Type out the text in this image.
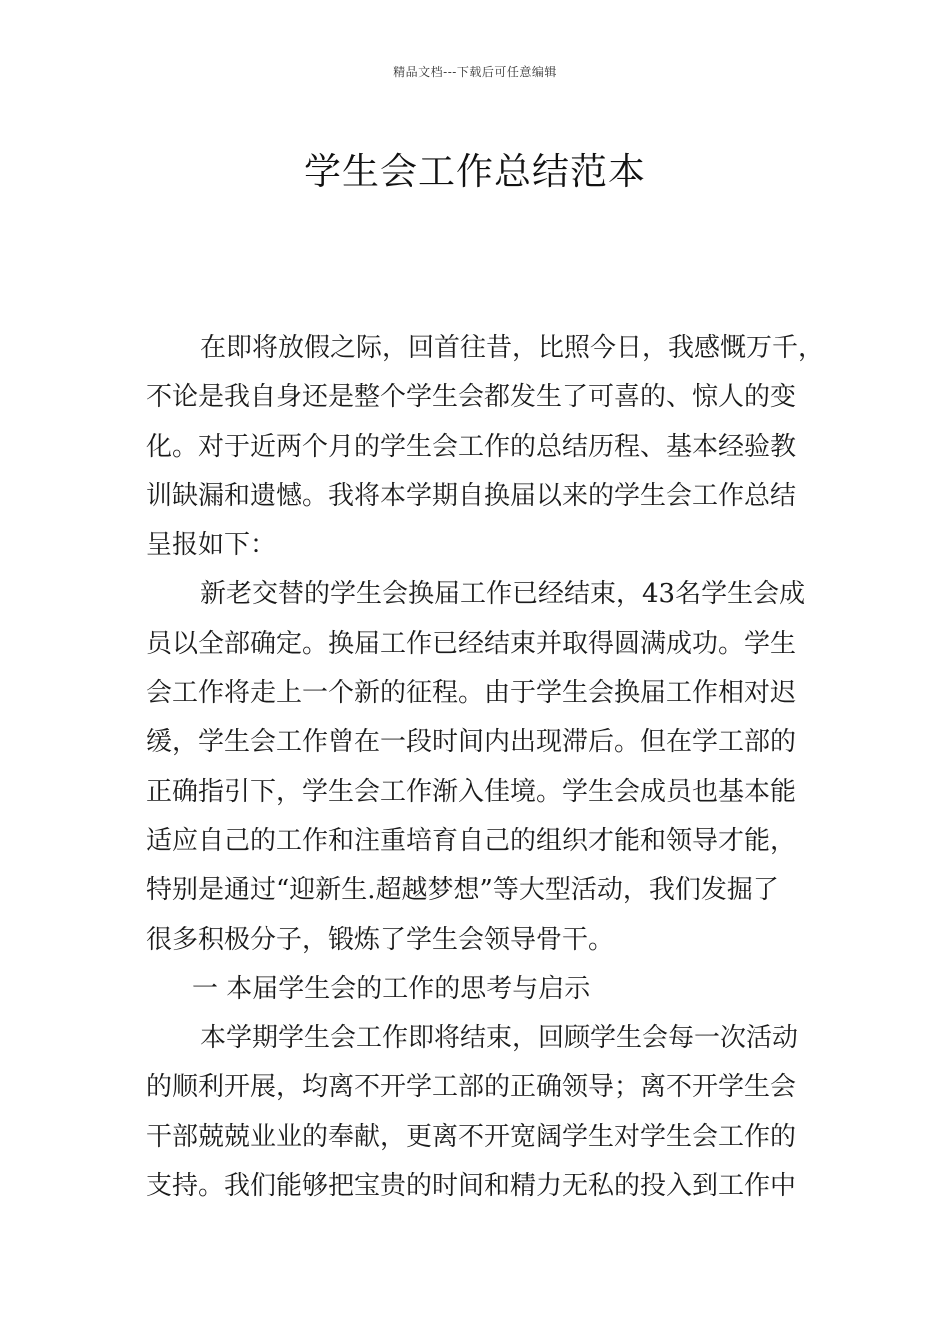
精品文档---下载后可任意编辑
学生会工作总结范本
在即将放假之际，回首往昔，比照今日，我感慨万千，
不论是我自身还是整个学生会都发生了可喜的、惊人的变
化。对于近两个月的学生会工作的总结历程、基本经验教
训缺漏和遗憾。我将本学期自换届以来的学生会工作总结
呈报如下：
新老交替的学生会换届工作已经结束，43名学生会成
员以全部确定。换届工作已经结束并取得圆满成功。学生
会工作将走上一个新的征程。由于学生会换届工作相对迟
缓，学生会工作曾在一段时间内出现滞后。但在学工部的
正确指引下，学生会工作渐入佳境。学生会成员也基本能
适应自己的工作和注重培育自己的组织才能和领导才能，
特别是通过“迎新生.超越梦想”等大型活动，我们发掘了
很多积极分子，锻炼了学生会领导骨干。
一 本届学生会的工作的思考与启示
本学期学生会工作即将结束，回顾学生会每一次活动
的顺利开展，均离不开学工部的正确领导；离不开学生会
干部兢兢业业的奉献，更离不开宽阔学生对学生会工作的
支持。我们能够把宝贵的时间和精力无私的投入到工作中
